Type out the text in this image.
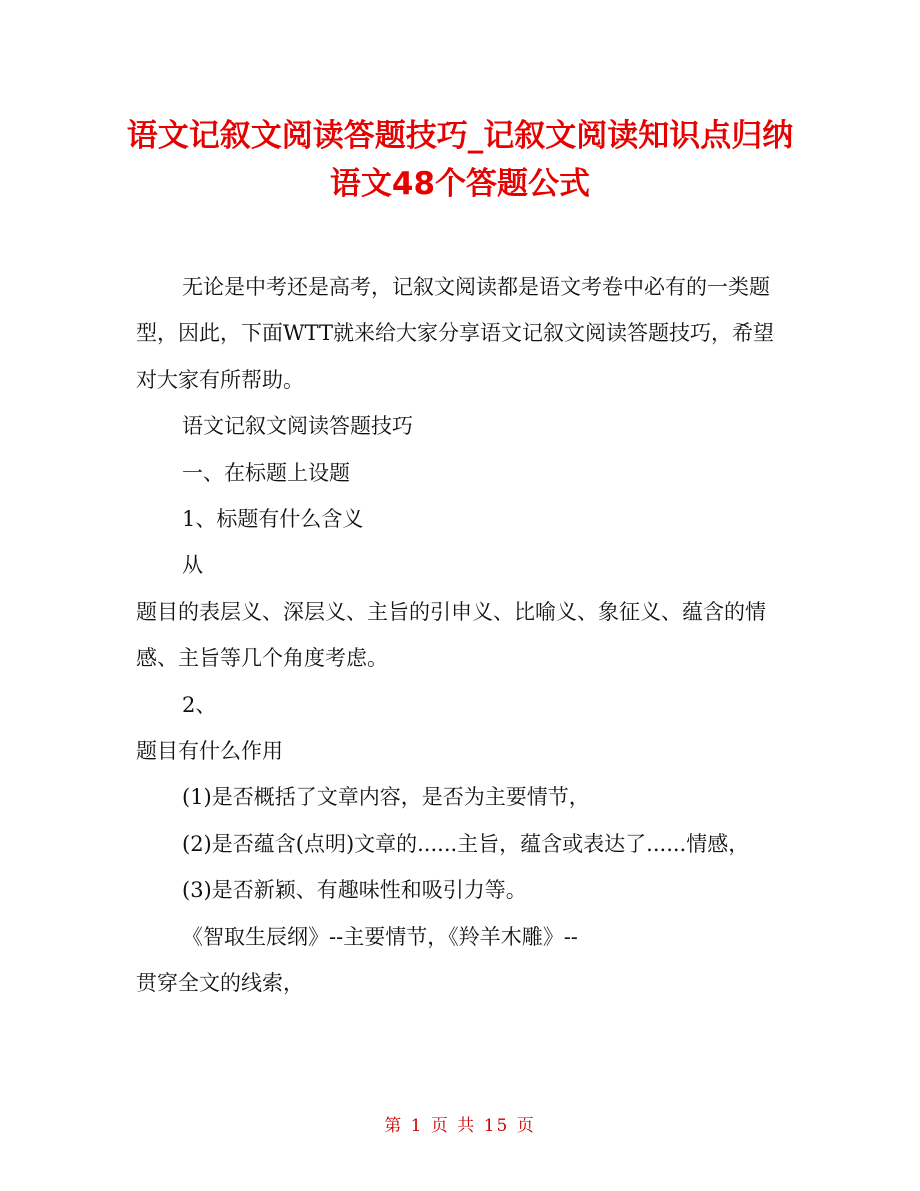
语文记叙文阅读答题技巧_记叙文阅读知识点归纳 语文48个答题公式

无论是中考还是高考，记叙文阅读都是语文考卷中必有的一类题型，因此，下面WTT就来给大家分享语文记叙文阅读答题技巧，希望对大家有所帮助。

语文记叙文阅读答题技巧

一、在标题上设题

1、标题有什么含义

从

题目的表层义、深层义、主旨的引申义、比喻义、象征义、蕴含的情感、主旨等几个角度考虑。

2、

题目有什么作用

(1)是否概括了文章内容，是否为主要情节，

(2)是否蕴含(点明)文章的......主旨，蕴含或表达了......情感，

(3)是否新颖、有趣味性和吸引力等。

《智取生辰纲》--主要情节，《羚羊木雕》--

贯穿全文的线索，

第 1 页 共 15 页
